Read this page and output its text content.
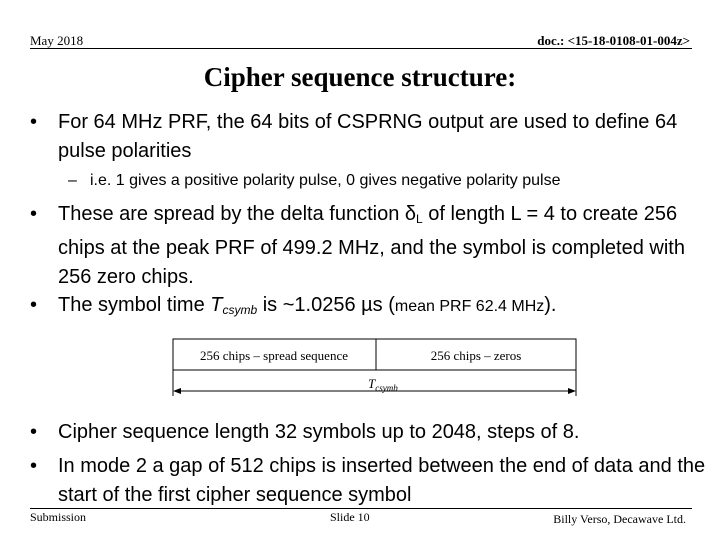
May 2018	doc.: <15-18-0108-01-004z>
Cipher sequence structure:
• For 64 MHz PRF, the 64 bits of CSPRNG output are used to define 64 pulse polarities
– i.e. 1 gives a positive polarity pulse, 0 gives negative polarity pulse
• These are spread by the delta function $\delta_L$ of length L = 4 to create 256 chips at the peak PRF of 499.2 MHz, and the symbol is completed with 256 zero chips.
• The symbol time $T_{csymb}$ is ~1.0256 µs (mean PRF 62.4 MHz).
256 chips – spread sequence	256 chips – zeros
$T_{csymb}$
• Cipher sequence length 32 symbols up to 2048, steps of 8.
• In mode 2 a gap of 512 chips is inserted between the end of data and the start of the first cipher sequence symbol
Submission	Slide 10	Billy Verso, Decawave Ltd.
